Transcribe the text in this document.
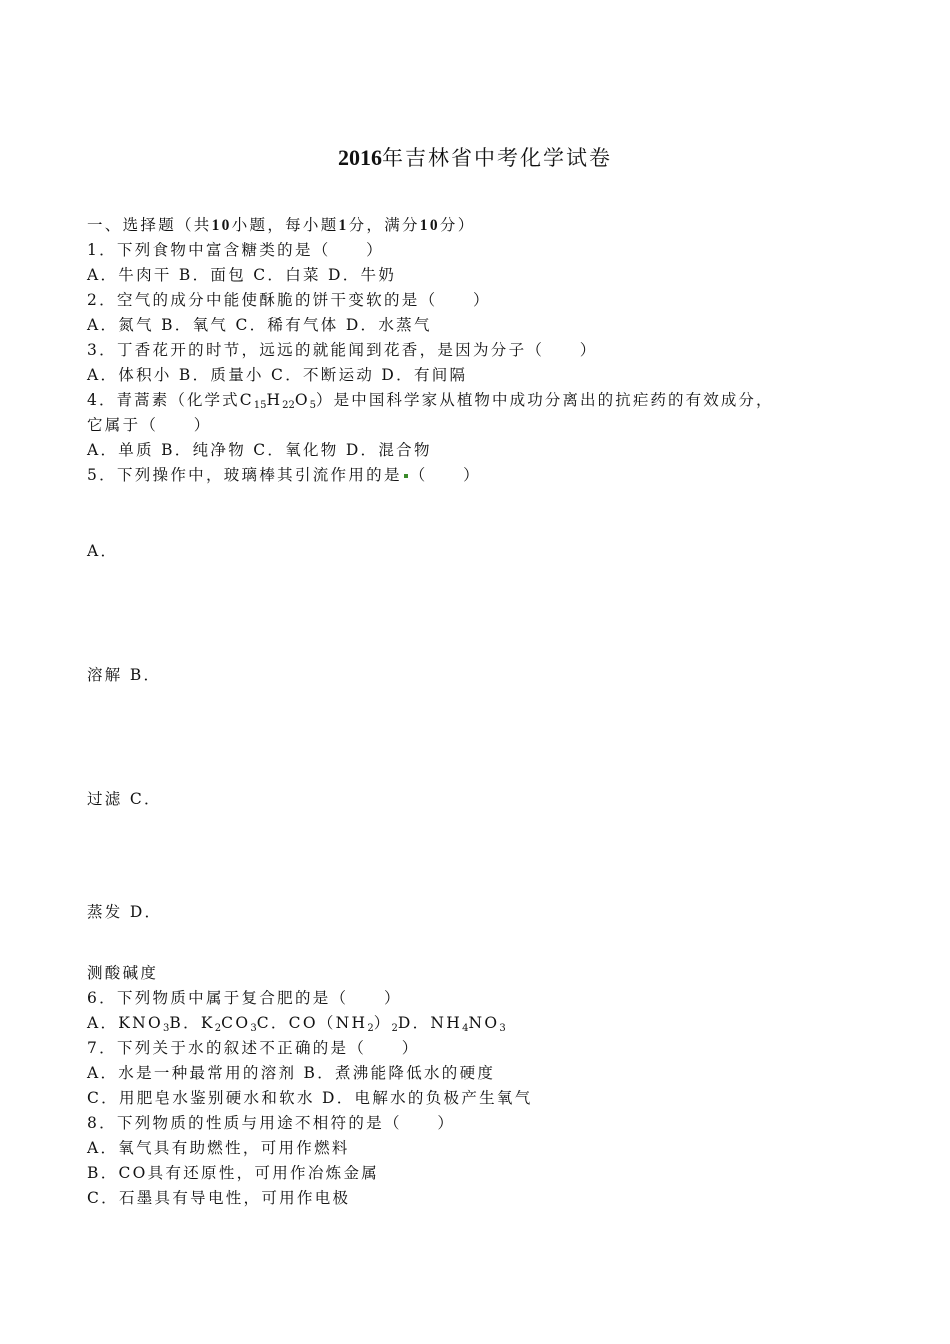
2016年吉林省中考化学试卷
一、选择题（共10小题，每小题1分，满分10分）
1．下列食物中富含糖类的是（　　）
A．牛肉干 B．面包 C．白菜 D．牛奶
2．空气的成分中能使酥脆的饼干变软的是（　　）
A．氮气 B．氧气 C．稀有气体 D．水蒸气
3．丁香花开的时节，远远的就能闻到花香，是因为分子（　　）
A．体积小 B．质量小 C．不断运动 D．有间隔
4．青蒿素（化学式$C_{15}H_{22}O_5$）是中国科学家从植物中成功分离出的抗疟药的有效成分，
它属于（　　）
A．单质 B．纯净物 C．氧化物 D．混合物
5．下列操作中，玻璃棒其引流作用的是 （　　）
A．
溶解 B．
过滤 C．
蒸发 D．
测酸碱度
6．下列物质中属于复合肥的是（　　）
A．$KNO_3B$．$K_2CO_3C$．$CO(NH_2)_2D$．$NH_4NO_3$
7．下列关于水的叙述不正确的是（　　）
A．水是一种最常用的溶剂 B．煮沸能降低水的硬度
C．用肥皂水鉴别硬水和软水 D．电解水的负极产生氧气
8．下列物质的性质与用途不相符的是（　　）
A．氧气具有助燃性，可用作燃料
B．CO具有还原性，可用作冶炼金属
C．石墨具有导电性，可用作电极
